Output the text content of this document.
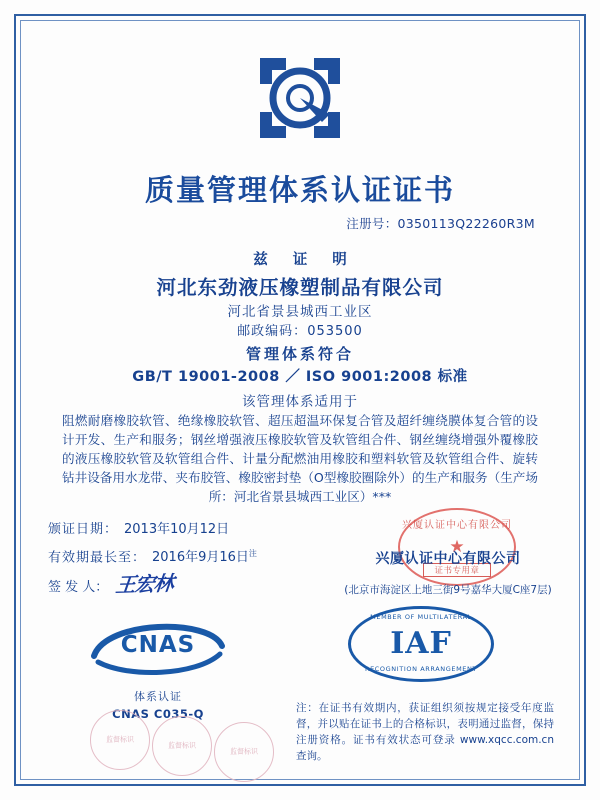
质量管理体系认证证书
注册号：0350113Q22260R3M
兹 证 明
河北东劲液压橡塑制品有限公司
河北省景县城西工业区
邮政编码：053500
管理体系符合
GB/T 19001-2008 ／ ISO 9001:2008 标准
该管理体系适用于
阻燃耐磨橡胶软管、绝缘橡胶软管、超压超温环保复合管及超纤缠绕膜体复合管的设计开发、生产和服务；钢丝增强液压橡胶软管及软管组合件、钢丝缠绕增强外覆橡胶的液压橡胶软管及软管组合件、计量分配燃油用橡胶和塑料软管及软管组合件、旋转钻井设备用水龙带、夹布胶管、橡胶密封垫（O型橡胶圈除外）的生产和服务（生产场所：河北省景县城西工业区）***
颁证日期： 2013年10月12日
有效期最长至： 2016年9月16日$^注$
签 发 人： 王宏林
兴厦认证中心有限公司
★
证书专用章
兴厦认证中心有限公司
(北京市海淀区上地三街9号嘉华大厦C座7层)
CNAS
体系认证
CNAS C035-Q
MEMBER OF MULTILATERAL
IAF
RECOGNITION ARRANGEMENT
注：在证书有效期内，获证组织须按规定接受年度监督，并以贴在证书上的合格标识，表明通过监督，保持注册资格。证书有效状态可登录 www.xqcc.com.cn 查询。
监督标识
监督标识
监督标识
